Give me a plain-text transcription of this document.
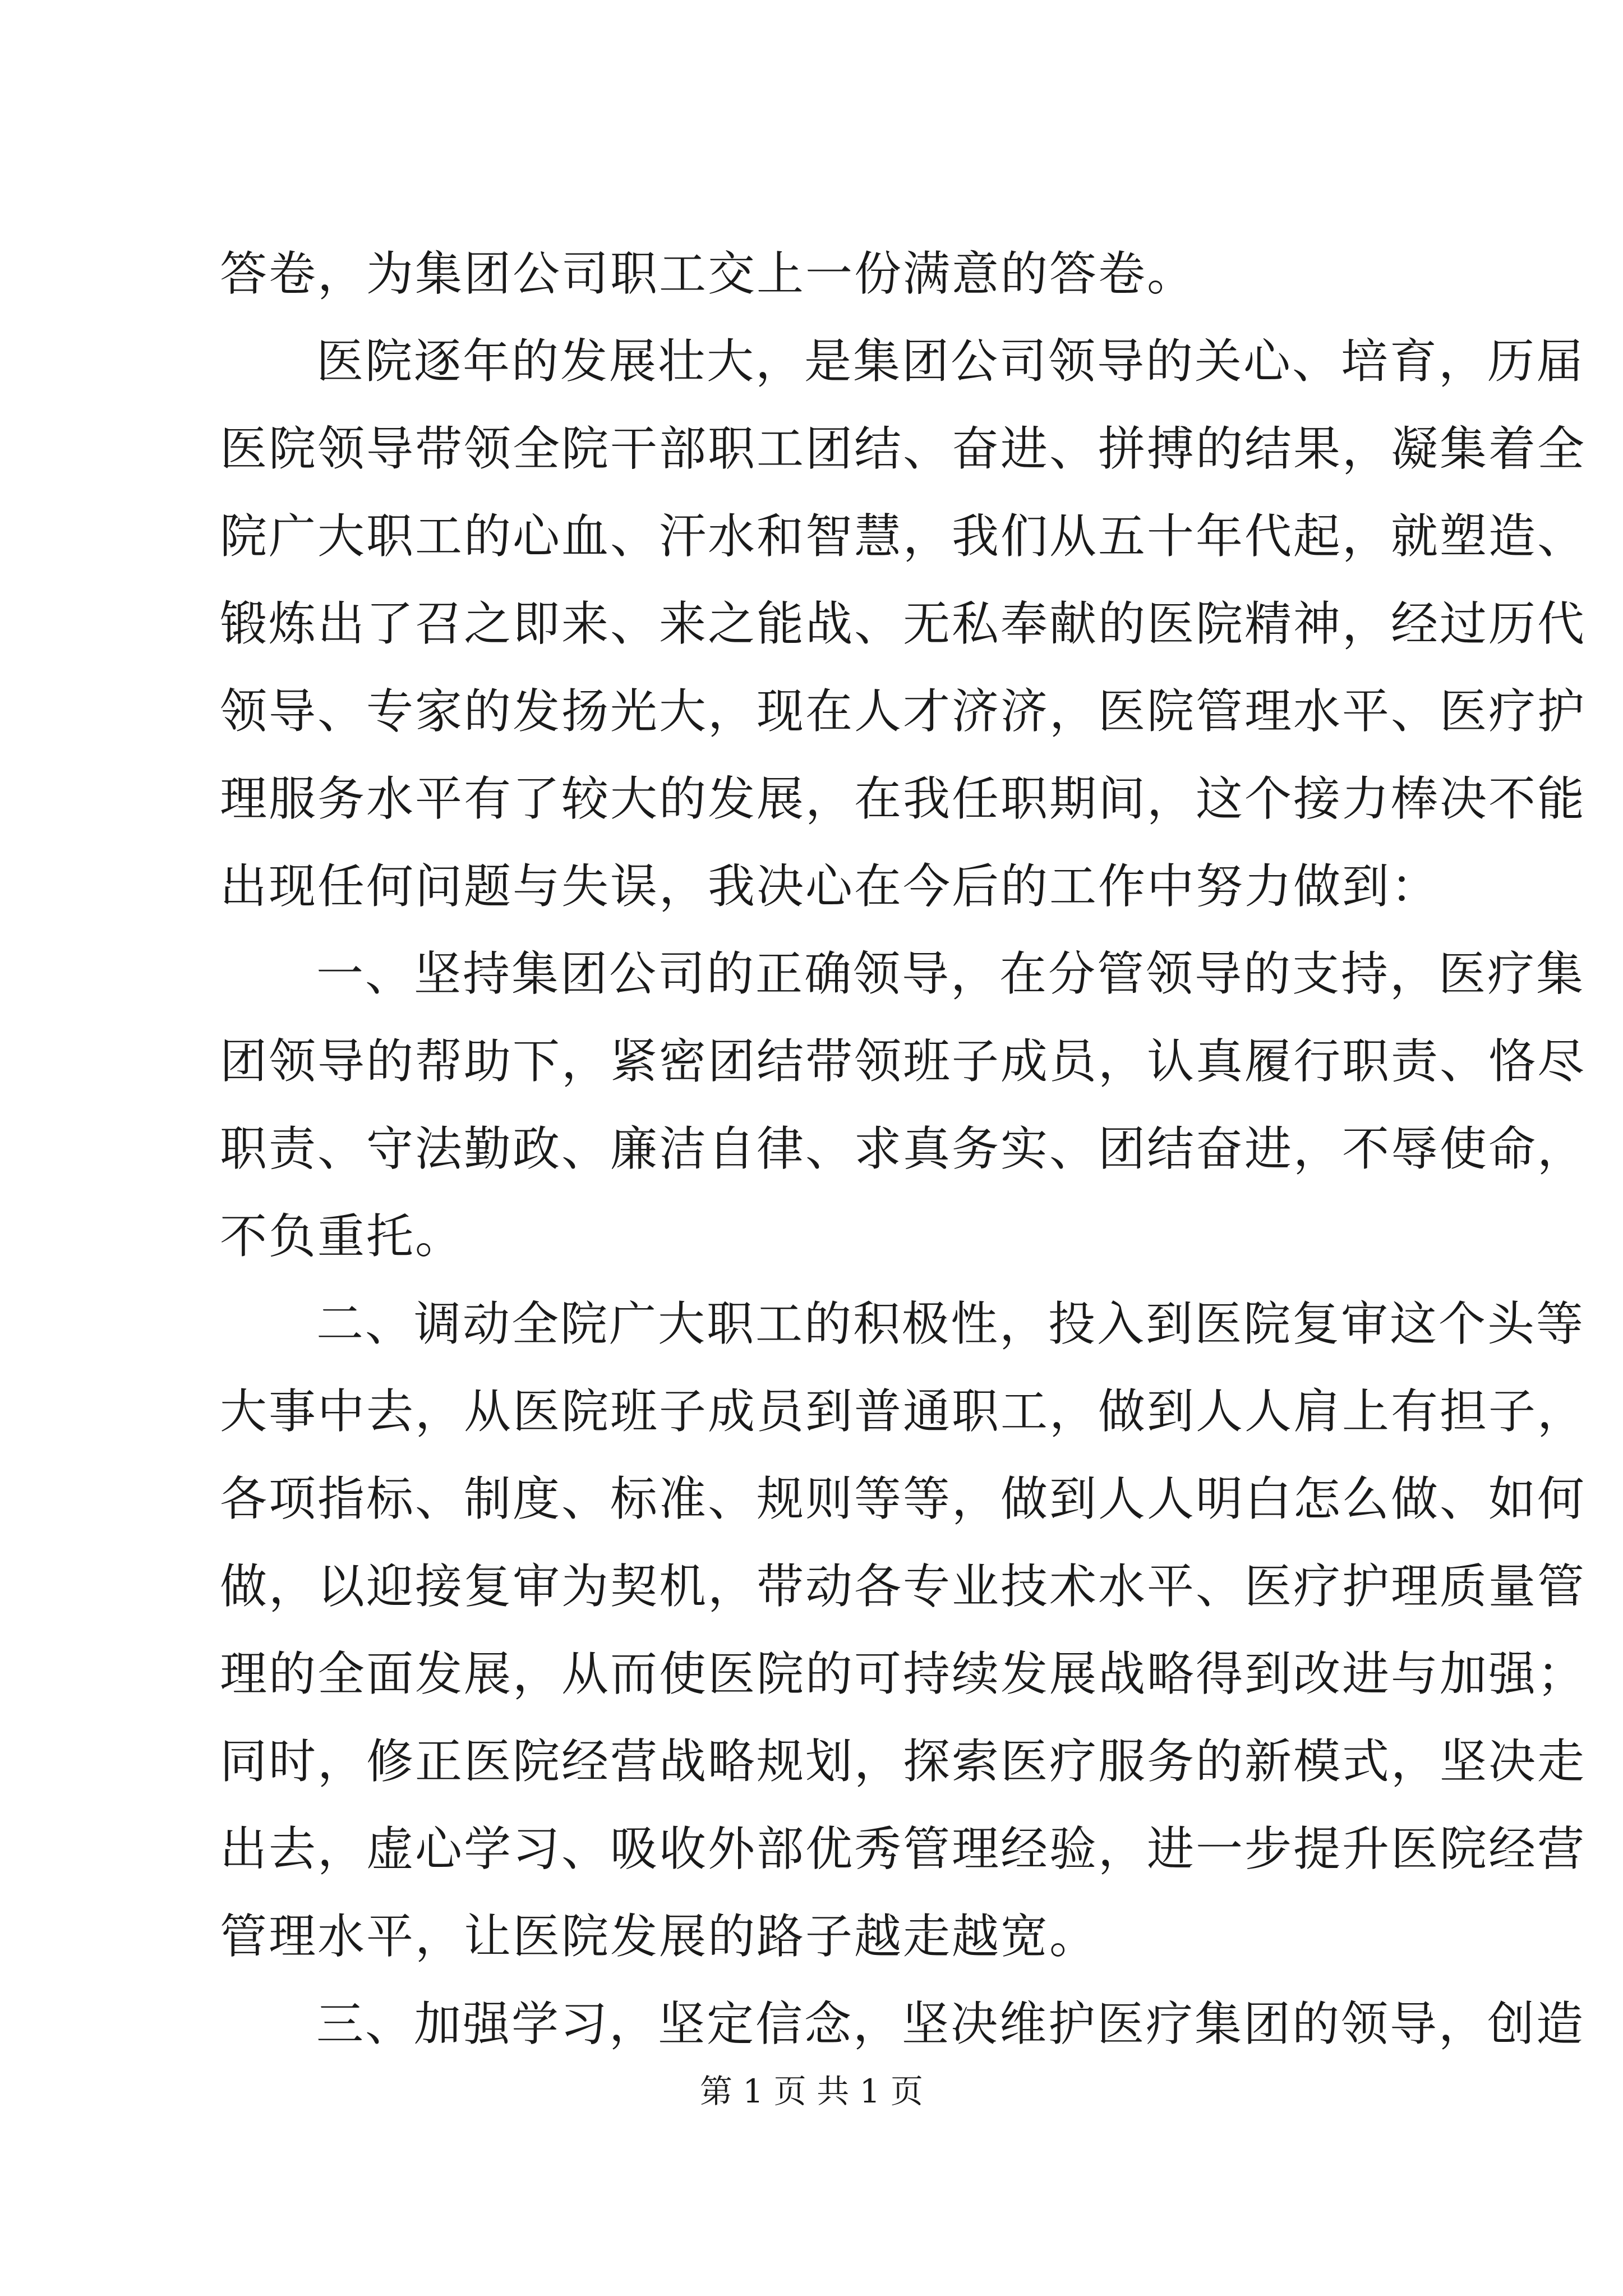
答卷，为集团公司职工交上一份满意的答卷。
医院逐年的发展壮大，是集团公司领导的关心、培育，历届
医院领导带领全院干部职工团结、奋进、拼搏的结果，凝集着全
院广大职工的心血、汗水和智慧，我们从五十年代起，就塑造、
锻炼出了召之即来、来之能战、无私奉献的医院精神，经过历代
领导、专家的发扬光大，现在人才济济，医院管理水平、医疗护
理服务水平有了较大的发展，在我任职期间，这个接力棒决不能
出现任何问题与失误，我决心在今后的工作中努力做到：
一、坚持集团公司的正确领导，在分管领导的支持，医疗集
团领导的帮助下，紧密团结带领班子成员，认真履行职责、恪尽
职责、守法勤政、廉洁自律、求真务实、团结奋进，不辱使命，
不负重托。
二、调动全院广大职工的积极性，投入到医院复审这个头等
大事中去，从医院班子成员到普通职工，做到人人肩上有担子，
各项指标、制度、标准、规则等等，做到人人明白怎么做、如何
做，以迎接复审为契机，带动各专业技术水平、医疗护理质量管
理的全面发展，从而使医院的可持续发展战略得到改进与加强；
同时，修正医院经营战略规划，探索医疗服务的新模式，坚决走
出去，虚心学习、吸收外部优秀管理经验，进一步提升医院经营
管理水平，让医院发展的路子越走越宽。
三、加强学习，坚定信念，坚决维护医疗集团的领导，创造
第 1 页 共 1 页
